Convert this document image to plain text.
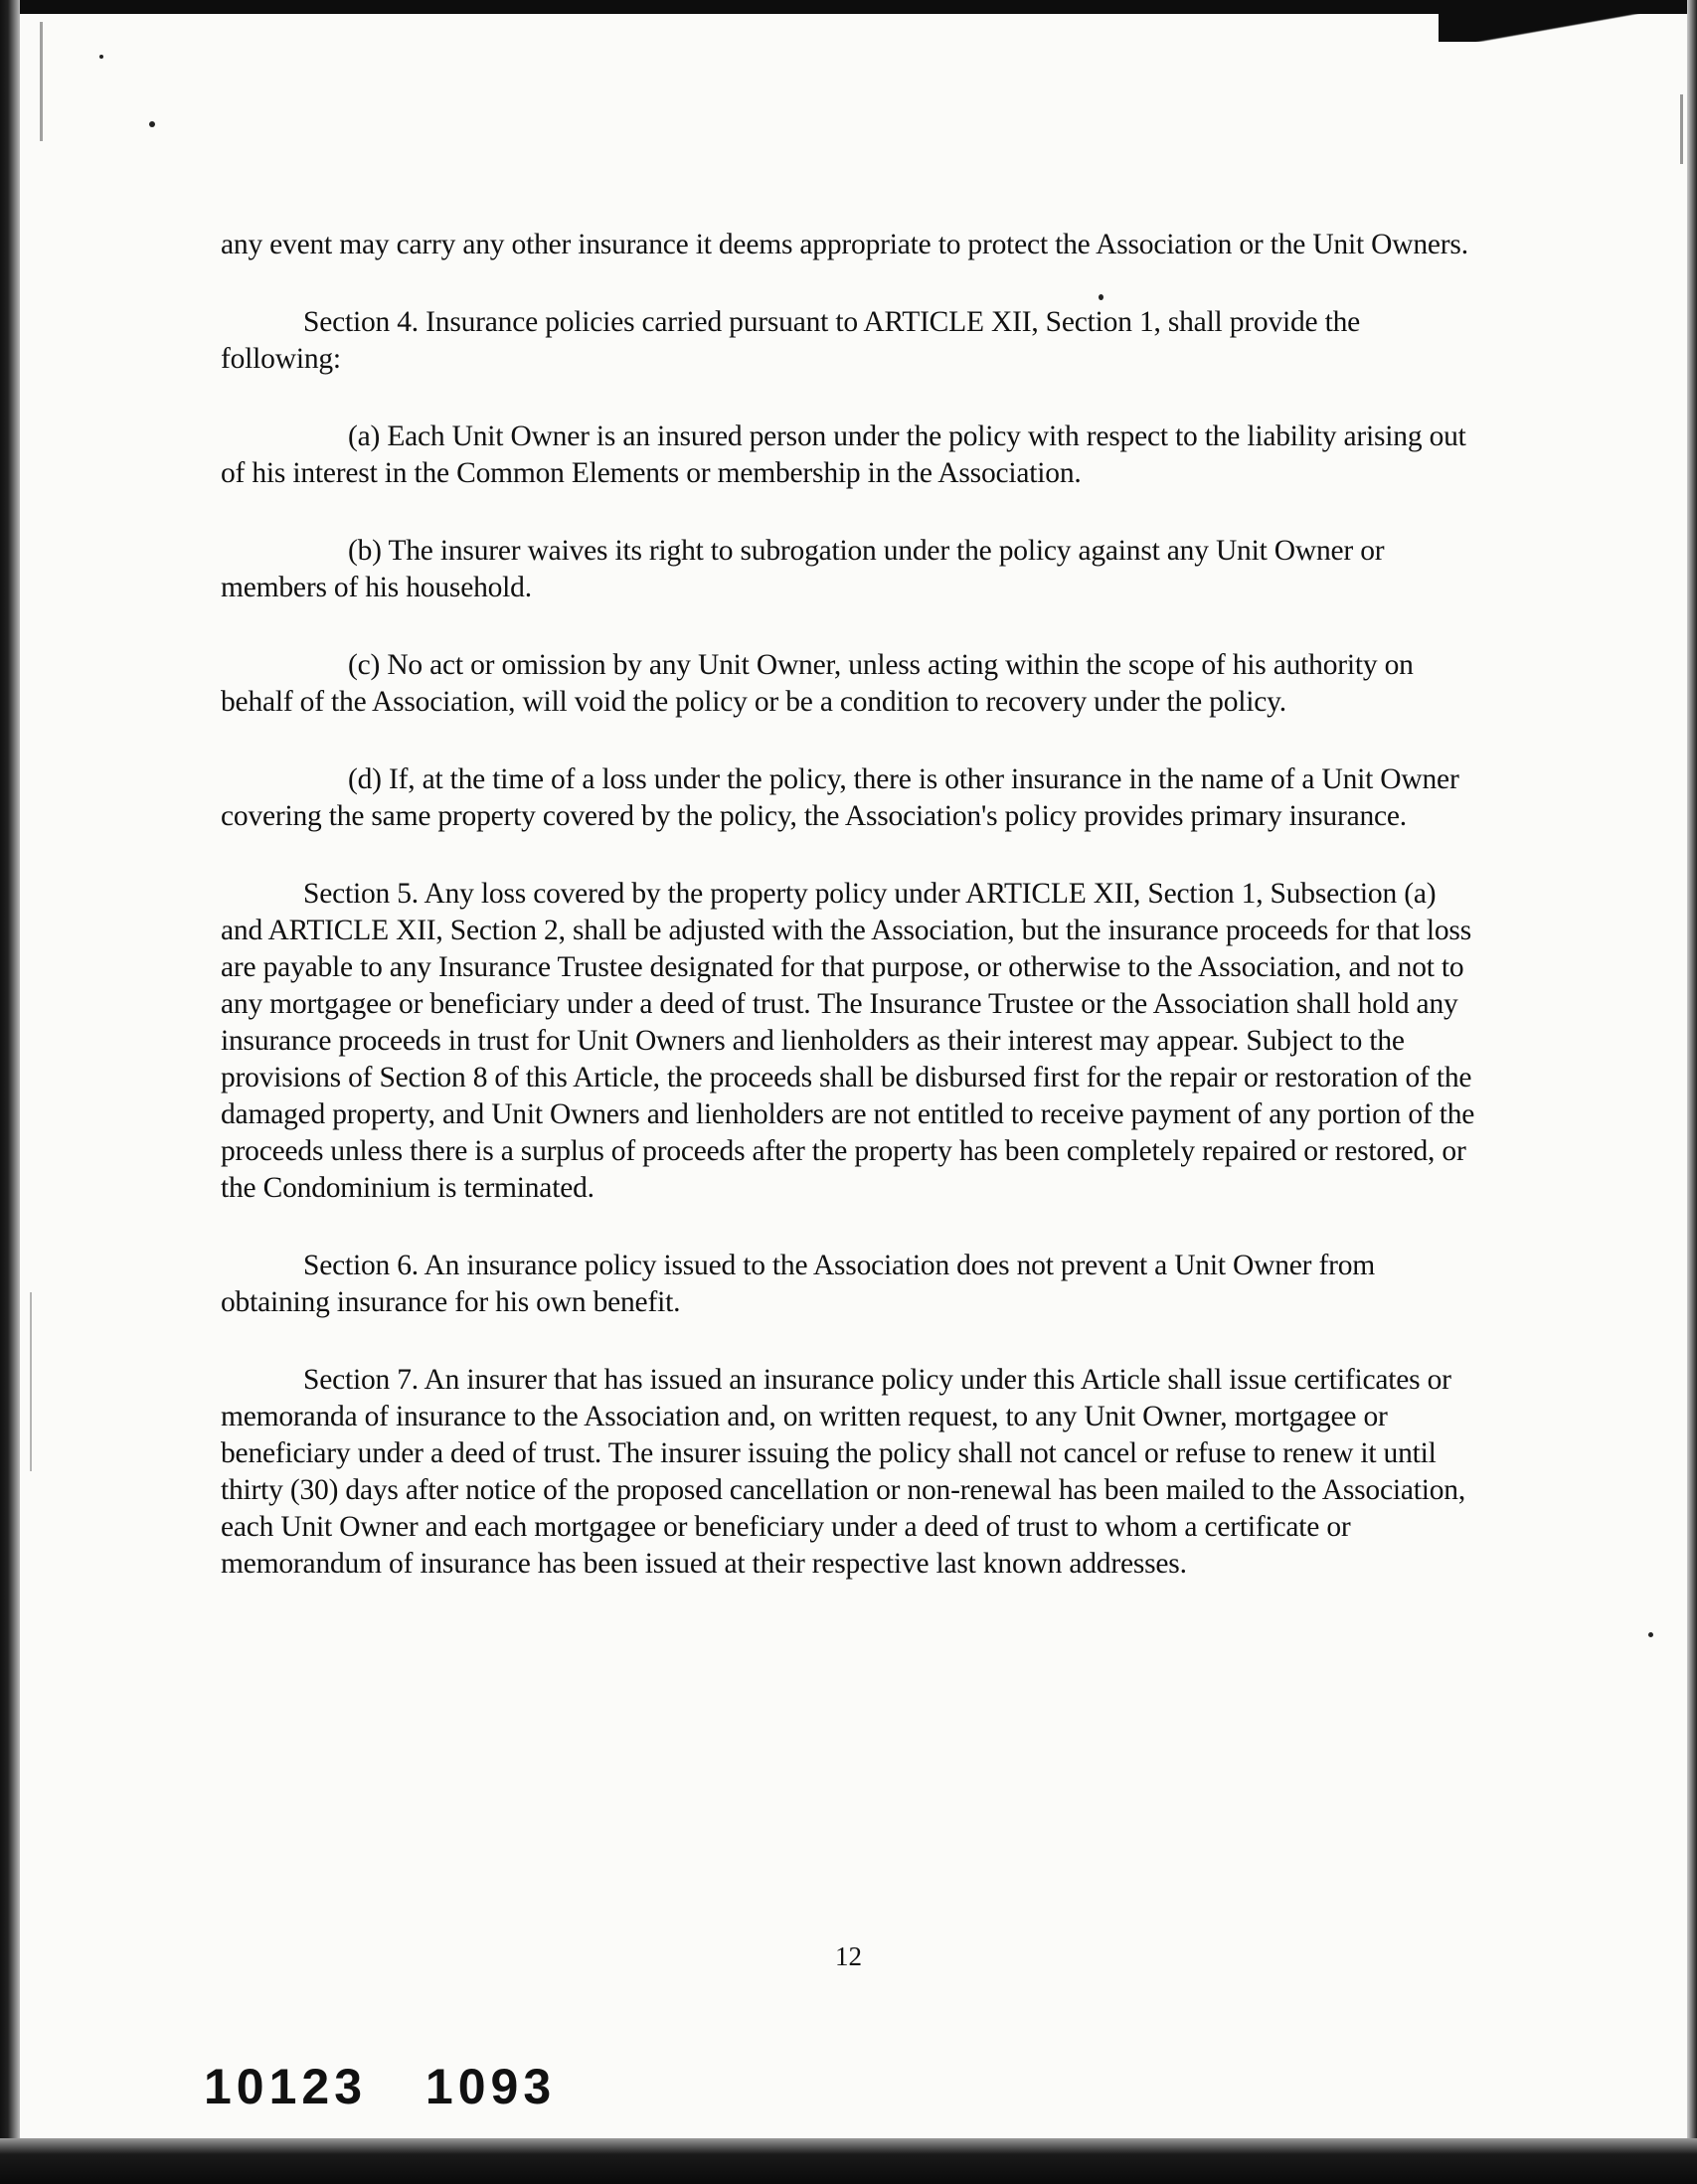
any event may carry any other insurance it deems appropriate to protect the Association or the Unit Owners.

Section 4. Insurance policies carried pursuant to ARTICLE XII, Section 1, shall provide the following:

(a) Each Unit Owner is an insured person under the policy with respect to the liability arising out of his interest in the Common Elements or membership in the Association.

(b) The insurer waives its right to subrogation under the policy against any Unit Owner or members of his household.

(c) No act or omission by any Unit Owner, unless acting within the scope of his authority on behalf of the Association, will void the policy or be a condition to recovery under the policy.

(d) If, at the time of a loss under the policy, there is other insurance in the name of a Unit Owner covering the same property covered by the policy, the Association's policy provides primary insurance.

Section 5. Any loss covered by the property policy under ARTICLE XII, Section 1, Subsection (a) and ARTICLE XII, Section 2, shall be adjusted with the Association, but the insurance proceeds for that loss are payable to any Insurance Trustee designated for that purpose, or otherwise to the Association, and not to any mortgagee or beneficiary under a deed of trust. The Insurance Trustee or the Association shall hold any insurance proceeds in trust for Unit Owners and lienholders as their interest may appear. Subject to the provisions of Section 8 of this Article, the proceeds shall be disbursed first for the repair or restoration of the damaged property, and Unit Owners and lienholders are not entitled to receive payment of any portion of the proceeds unless there is a surplus of proceeds after the property has been completely repaired or restored, or the Condominium is terminated.

Section 6. An insurance policy issued to the Association does not prevent a Unit Owner from obtaining insurance for his own benefit.

Section 7. An insurer that has issued an insurance policy under this Article shall issue certificates or memoranda of insurance to the Association and, on written request, to any Unit Owner, mortgagee or beneficiary under a deed of trust. The insurer issuing the policy shall not cancel or refuse to renew it until thirty (30) days after notice of the proposed cancellation or non-renewal has been mailed to the Association, each Unit Owner and each mortgagee or beneficiary under a deed of trust to whom a certificate or memorandum of insurance has been issued at their respective last known addresses.

12
10123 1093
